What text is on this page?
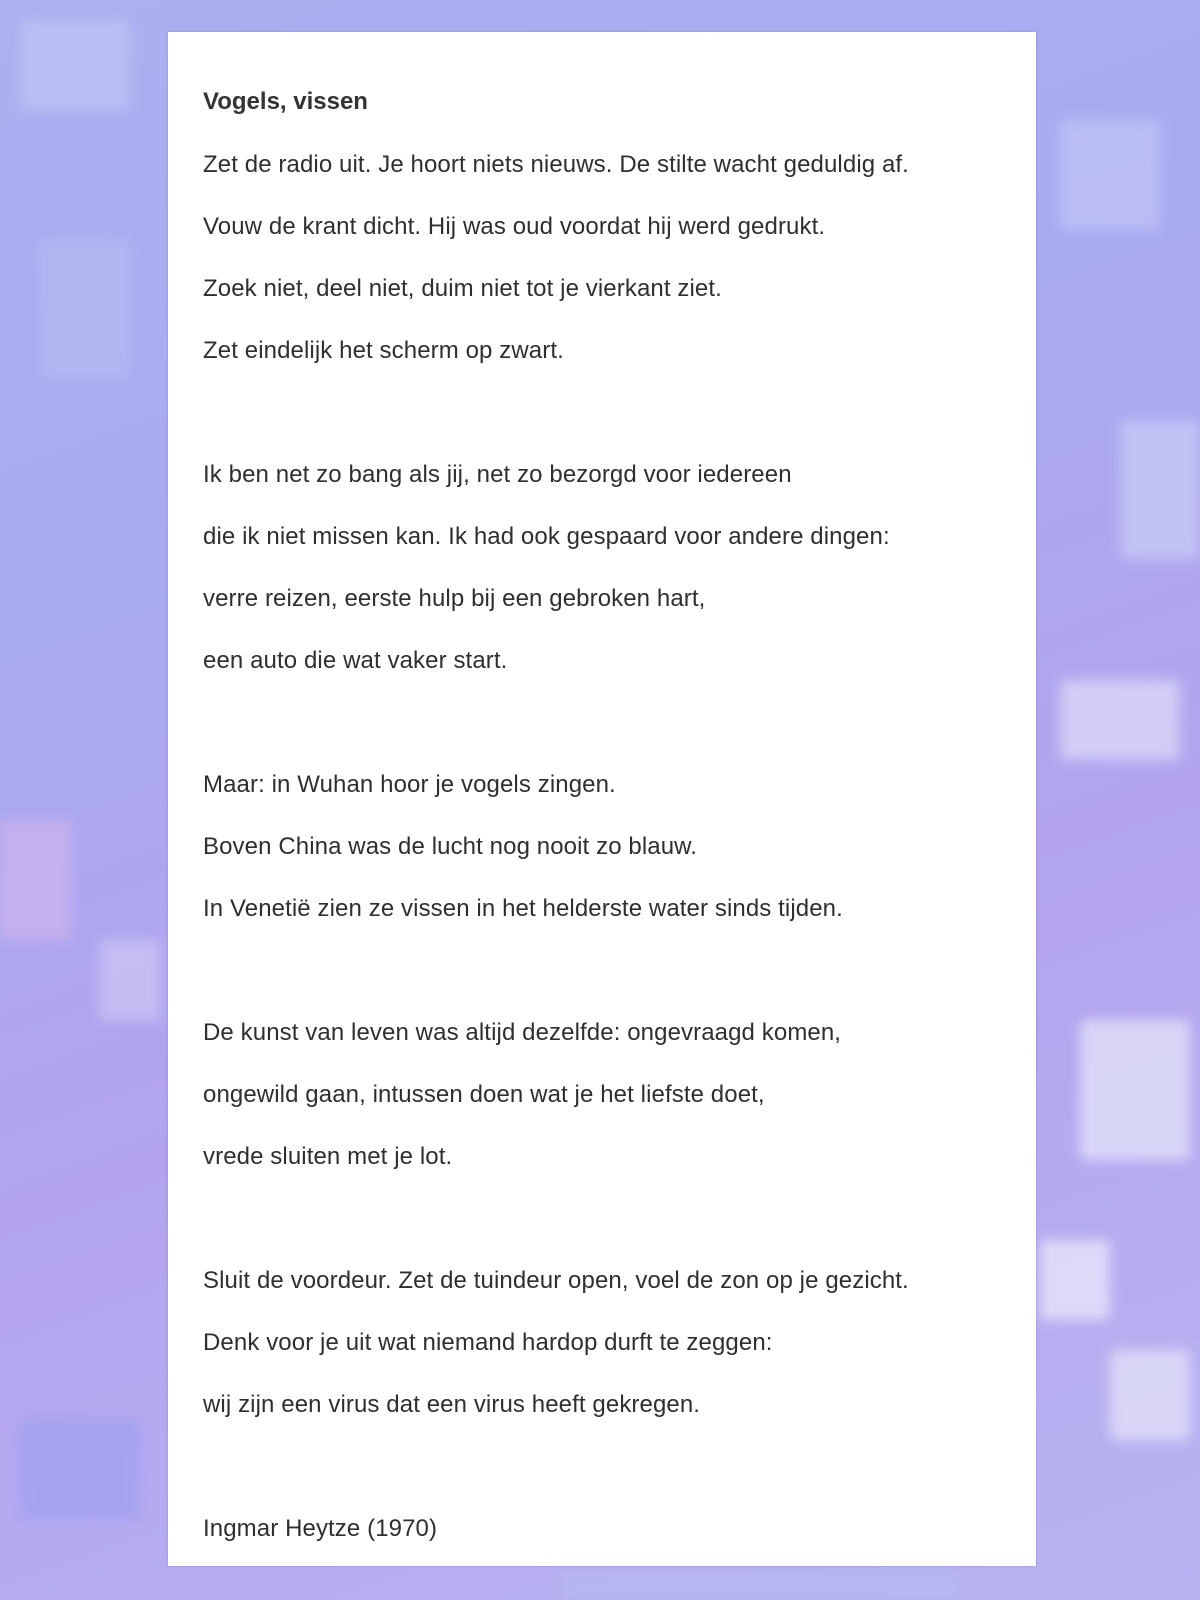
Vogels, vissen
Zet de radio uit. Je hoort niets nieuws. De stilte wacht geduldig af.
Vouw de krant dicht. Hij was oud voordat hij werd gedrukt.
Zoek niet, deel niet, duim niet tot je vierkant ziet.
Zet eindelijk het scherm op zwart.
Ik ben net zo bang als jij, net zo bezorgd voor iedereen
die ik niet missen kan. Ik had ook gespaard voor andere dingen:
verre reizen, eerste hulp bij een gebroken hart,
een auto die wat vaker start.
Maar: in Wuhan hoor je vogels zingen.
Boven China was de lucht nog nooit zo blauw.
In Venetië zien ze vissen in het helderste water sinds tijden.
De kunst van leven was altijd dezelfde: ongevraagd komen,
ongewild gaan, intussen doen wat je het liefste doet,
vrede sluiten met je lot.
Sluit de voordeur. Zet de tuindeur open, voel de zon op je gezicht.
Denk voor je uit wat niemand hardop durft te zeggen:
wij zijn een virus dat een virus heeft gekregen.
Ingmar Heytze (1970)
